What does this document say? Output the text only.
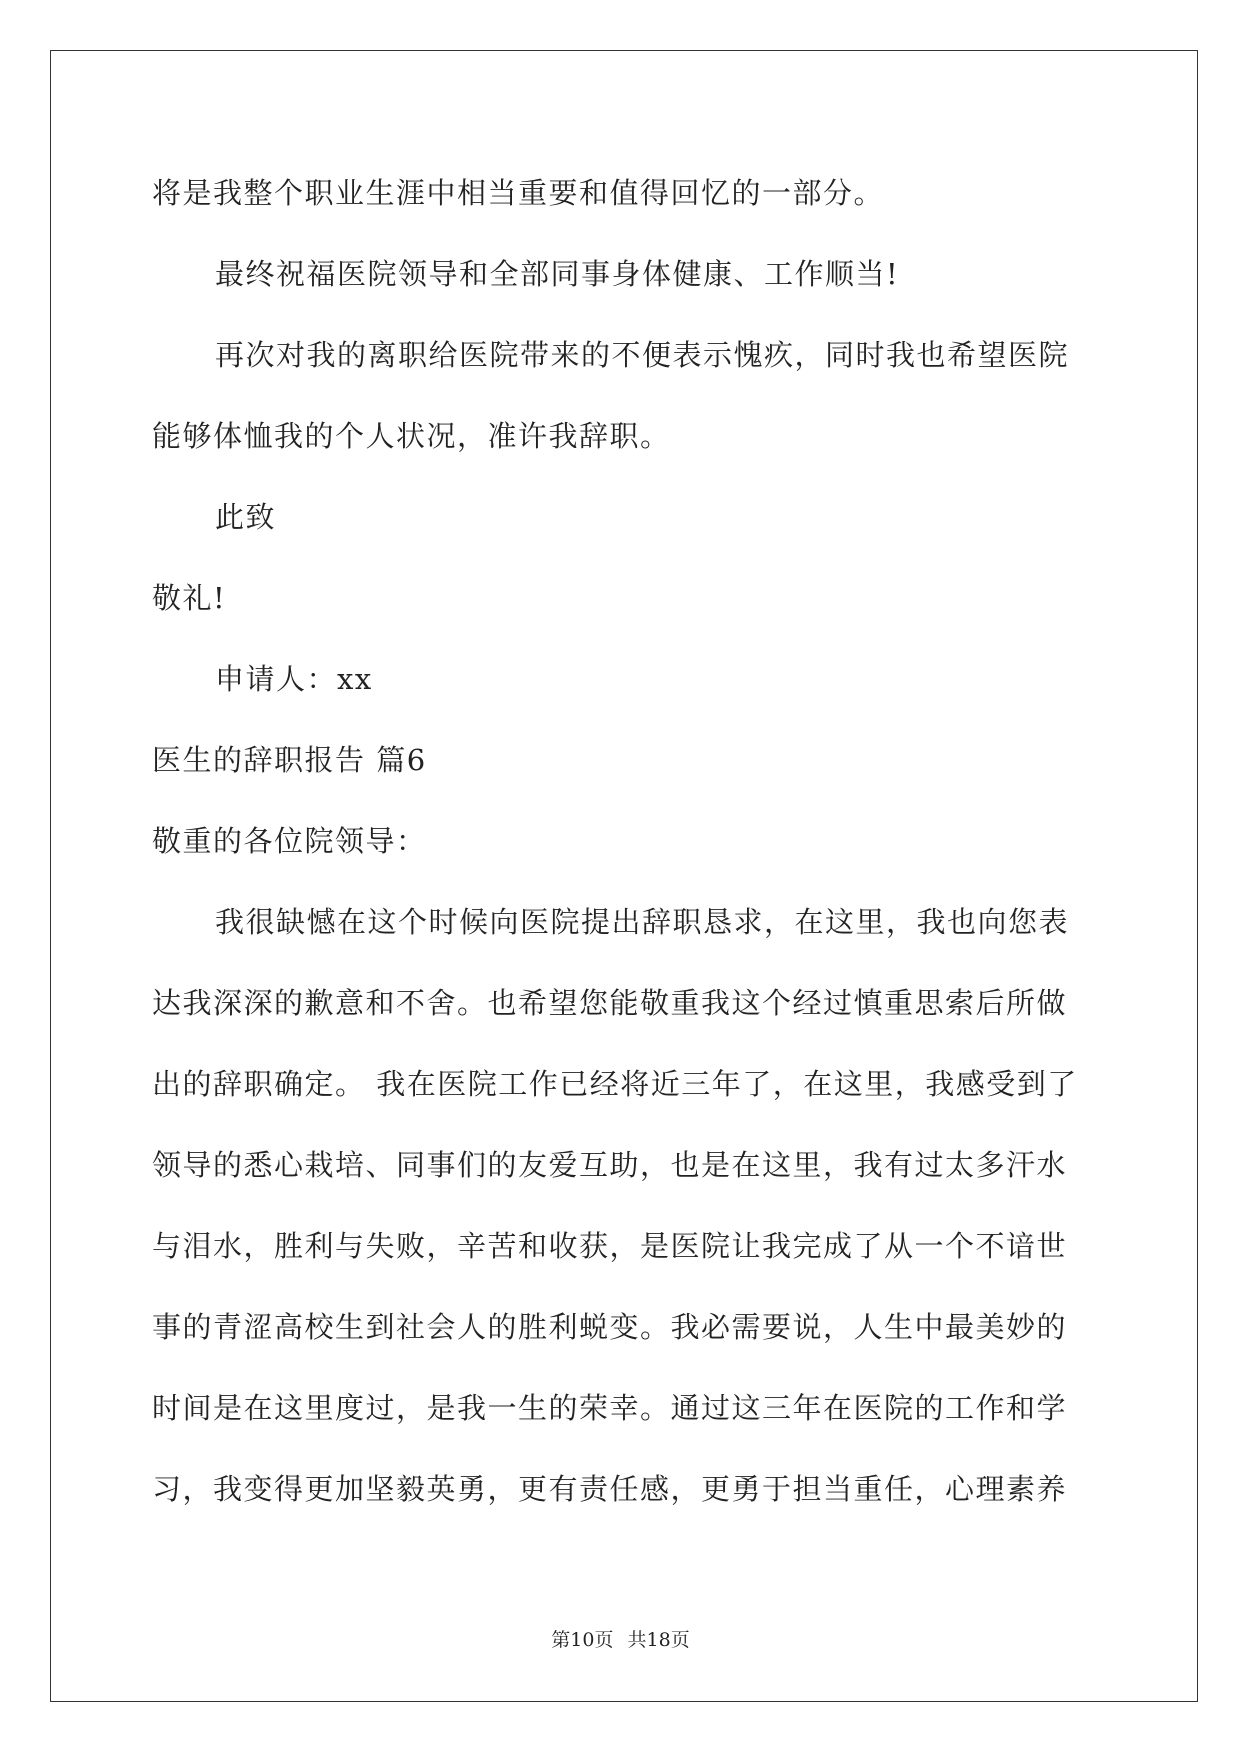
将是我整个职业生涯中相当重要和值得回忆的一部分。
最终祝福医院领导和全部同事身体健康、工作顺当!
再次对我的离职给医院带来的不便表示愧疚，同时我也希望医院
能够体恤我的个人状况，准许我辞职。
此致
敬礼!
申请人：xx
医生的辞职报告 篇6
敬重的各位院领导：
我很缺憾在这个时候向医院提出辞职恳求，在这里，我也向您表
达我深深的歉意和不舍。也希望您能敬重我这个经过慎重思索后所做
出的辞职确定。 我在医院工作已经将近三年了，在这里，我感受到了
领导的悉心栽培、同事们的友爱互助，也是在这里，我有过太多汗水
与泪水，胜利与失败，辛苦和收获，是医院让我完成了从一个不谙世
事的青涩高校生到社会人的胜利蜕变。我必需要说，人生中最美妙的
时间是在这里度过，是我一生的荣幸。通过这三年在医院的工作和学
习，我变得更加坚毅英勇，更有责任感，更勇于担当重任，心理素养
第10页 共18页
